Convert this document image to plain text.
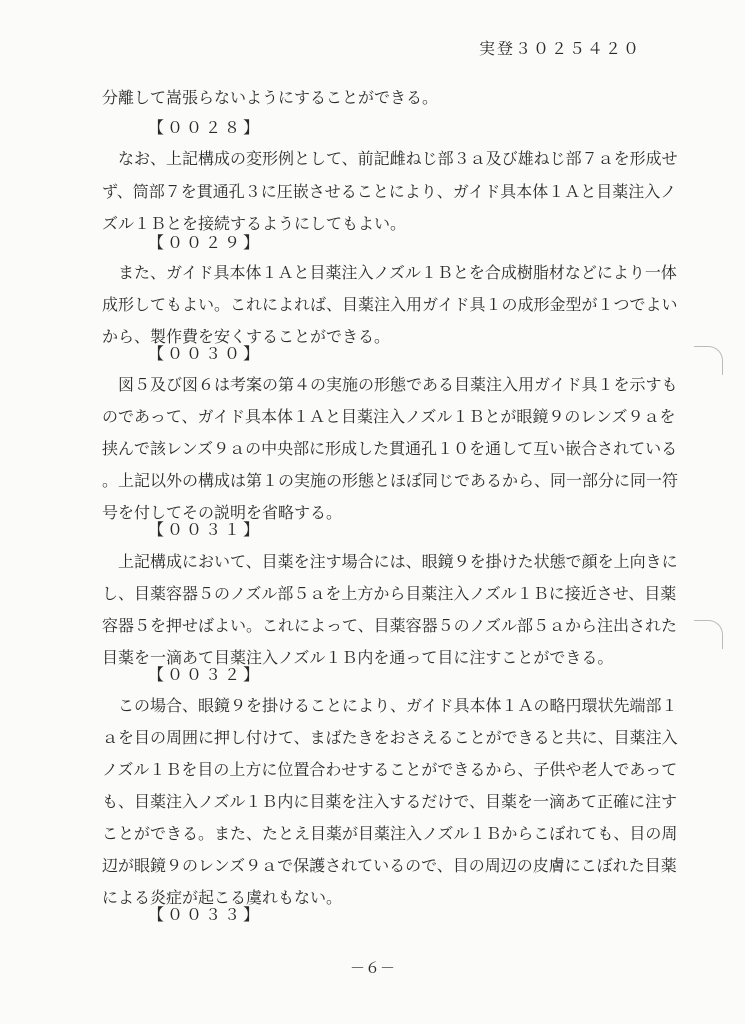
実登３０２５４２０
分離して嵩張らないようにすることができる。
【００２８】
　なお、上記構成の変形例として、前記雌ねじ部３ａ及び雄ねじ部７ａを形成せ
ず、筒部７を貫通孔３に圧嵌させることにより、ガイド具本体１Ａと目薬注入ノ
ズル１Ｂとを接続するようにしてもよい。
【００２９】
　また、ガイド具本体１Ａと目薬注入ノズル１Ｂとを合成樹脂材などにより一体
成形してもよい。これによれば、目薬注入用ガイド具１の成形金型が１つでよい
から、製作費を安くすることができる。
【００３０】
　図５及び図６は考案の第４の実施の形態である目薬注入用ガイド具１を示すも
のであって、ガイド具本体１Ａと目薬注入ノズル１Ｂとが眼鏡９のレンズ９ａを
挟んで該レンズ９ａの中央部に形成した貫通孔１０を通して互い嵌合されている
。上記以外の構成は第１の実施の形態とほぼ同じであるから、同一部分に同一符
号を付してその説明を省略する。
【００３１】
　上記構成において、目薬を注す場合には、眼鏡９を掛けた状態で顔を上向きに
し、目薬容器５のノズル部５ａを上方から目薬注入ノズル１Ｂに接近させ、目薬
容器５を押せばよい。これによって、目薬容器５のノズル部５ａから注出された
目薬を一滴あて目薬注入ノズル１Ｂ内を通って目に注すことができる。
【００３２】
　この場合、眼鏡９を掛けることにより、ガイド具本体１Ａの略円環状先端部１
ａを目の周囲に押し付けて、まばたきをおさえることができると共に、目薬注入
ノズル１Ｂを目の上方に位置合わせすることができるから、子供や老人であって
も、目薬注入ノズル１Ｂ内に目薬を注入するだけで、目薬を一滴あて正確に注す
ことができる。また、たとえ目薬が目薬注入ノズル１Ｂからこぼれても、目の周
辺が眼鏡９のレンズ９ａで保護されているので、目の周辺の皮膚にこぼれた目薬
による炎症が起こる虞れもない。
【００３３】
－６－
